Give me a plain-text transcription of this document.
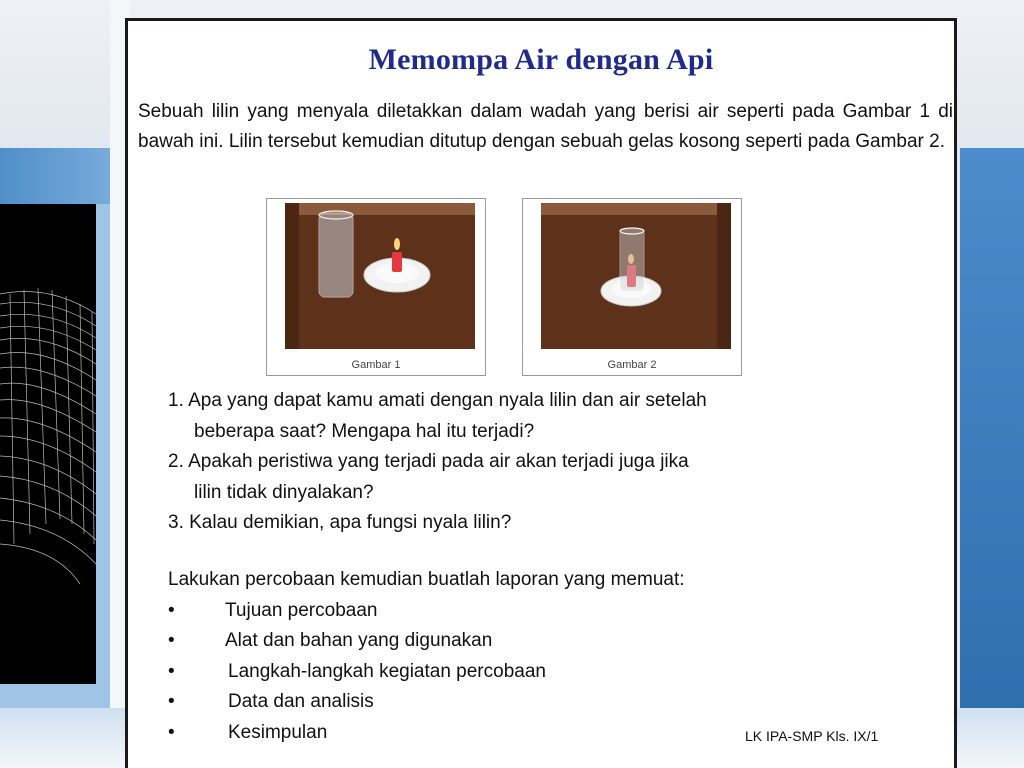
Memompa Air dengan Api
Sebuah lilin yang menyala diletakkan dalam wadah yang berisi air seperti pada Gambar 1 di bawah ini. Lilin tersebut kemudian ditutup dengan sebuah gelas kosong seperti pada Gambar 2.
Gambar 1	Gambar 2
1. Apa yang dapat kamu amati dengan nyala lilin dan air setelah
beberapa saat? Mengapa hal itu terjadi?
2. Apakah peristiwa yang terjadi pada air akan terjadi juga jika
lilin tidak dinyalakan?
3. Kalau demikian, apa fungsi nyala lilin?
Lakukan percobaan kemudian buatlah laporan yang memuat:
•	Tujuan percobaan
•	Alat dan bahan yang digunakan
•	Langkah-langkah kegiatan percobaan
•	Data dan analisis
•	Kesimpulan	LK IPA-SMP Kls. IX/1
